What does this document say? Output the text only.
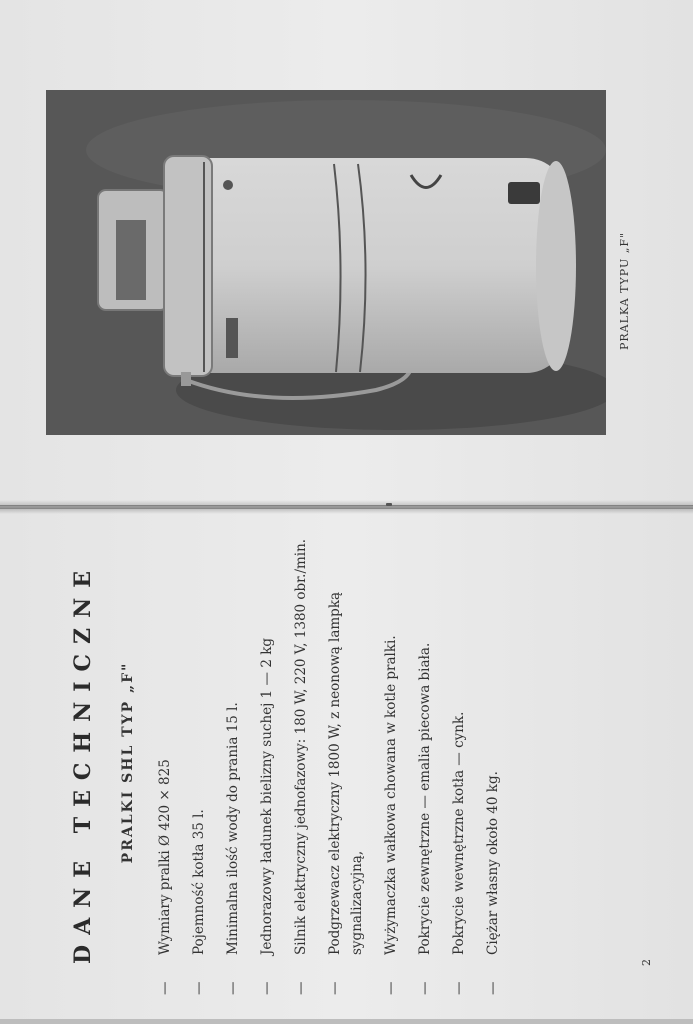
PRALKA TYPU „F"
DANE TECHNICZNE PRALKI SHL TYP „F"
—
Wymiary pralki Ø 420 × 825
—
Pojemność kotła 35 l.
—
Minimalna ilość wody do prania 15 l.
—
Jednorazowy ładunek bielizny suchej 1 — 2 kg
—
Silnik elektryczny jednofazowy: 180 W, 220 V, 1380 obr./min.
—
Podgrzewacz elektryczny 1800 W, z neonową lampką sygnalizacyjną,
—
Wyżymaczka wałkowa chowana w kotle pralki.
—
Pokrycie zewnętrzne — emalia piecowa biała.
—
Pokrycie wewnętrzne kotła — cynk.
—
Ciężar własny około 40 kg.
2
